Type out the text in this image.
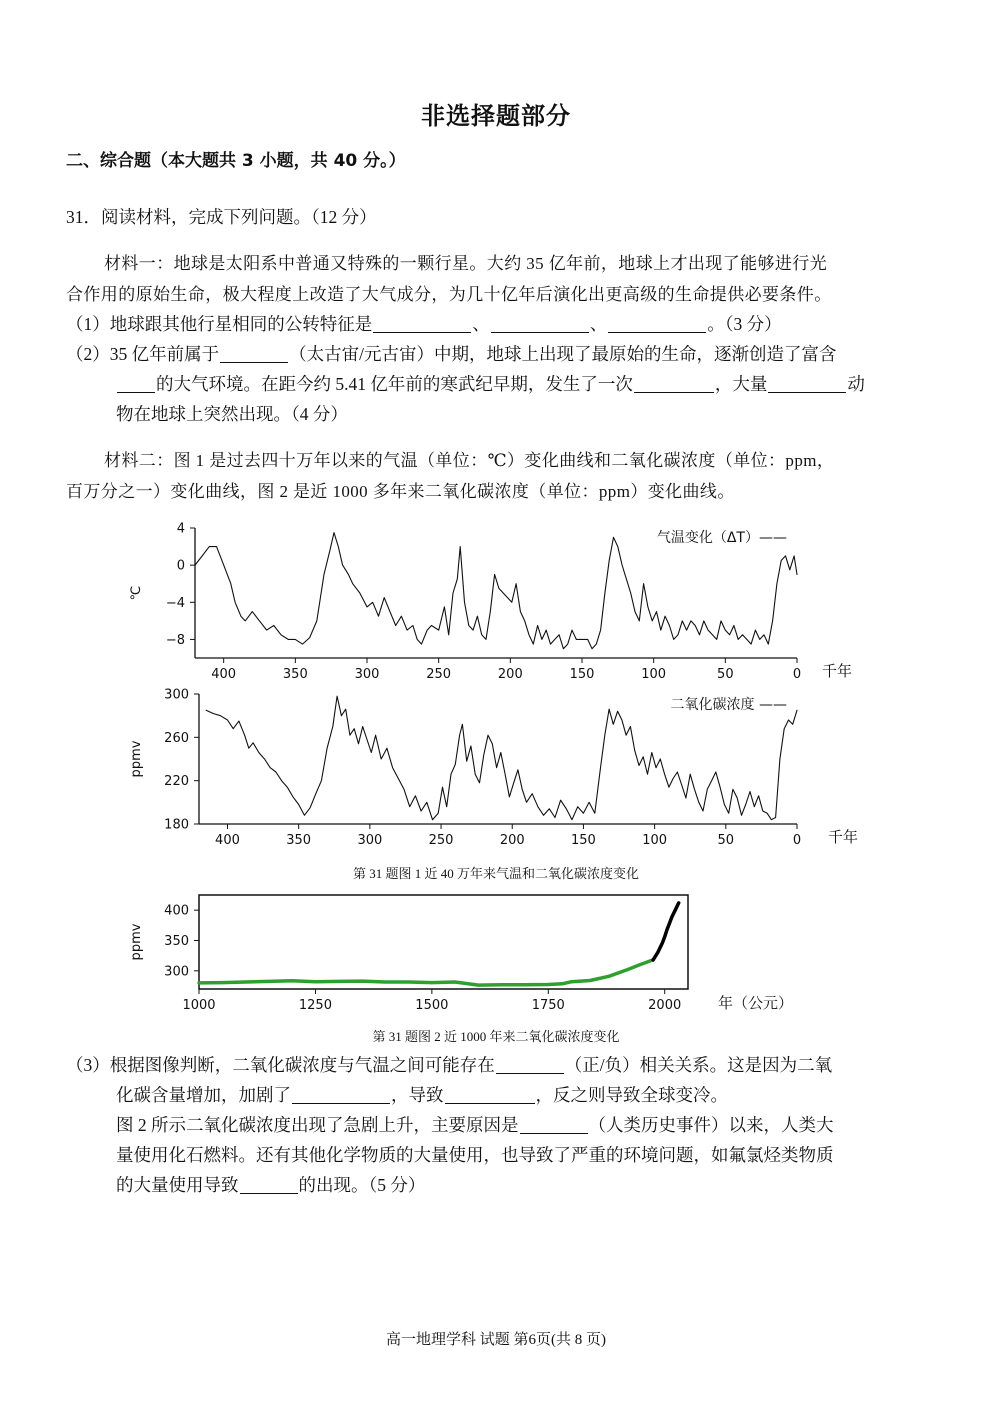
非选择题部分
二、综合题（本大题共 3 小题，共 40 分。）
31．阅读材料，完成下列问题。（12 分）
材料一：地球是太阳系中普通又特殊的一颗行星。大约 35 亿年前，地球上才出现了能够进行光
合作用的原始生命，极大程度上改造了大气成分，为几十亿年后演化出更高级的生命提供必要条件。
（1）地球跟其他行星相同的公转特征是	、	、	。（3 分）
（2）35 亿年前属于	（太古宙/元古宙）中期，地球上出现了最原始的生命，逐渐创造了富含
的大气环境。在距今约 5.41 亿年前的寒武纪早期，发生了一次	，大量	动
物在地球上突然出现。（4 分）
材料二：图 1 是过去四十万年以来的气温（单位：℃）变化曲线和二氧化碳浓度（单位：ppm，
百万分之一）变化曲线，图 2 是近 1000 多年来二氧化碳浓度（单位：ppm）变化曲线。
400	350	300	250	200	150	100	50	0
4
0
−4
−8
℃
千年
气温变化（ΔT）——
400	350	300	250	200	150	100	50	0
300
260
220
180
ppmv
千年
二氧化碳浓度 ——
1000	1250	1500	1750	2000
400
350
300
ppmv
年（公元）
第 31 题图 1 近 40 万年来气温和二氧化碳浓度变化
第 31 题图 2 近 1000 年来二氧化碳浓度变化
（3）根据图像判断，二氧化碳浓度与气温之间可能存在	（正/负）相关关系。这是因为二氧
化碳含量增加，加剧了	，导致	，反之则导致全球变冷。
图 2 所示二氧化碳浓度出现了急剧上升，主要原因是	（人类历史事件）以来，人类大
量使用化石燃料。还有其他化学物质的大量使用，也导致了严重的环境问题，如氟氯烃类物质
的大量使用导致	的出现。（5 分）
高一地理学科 试题 第6页(共 8 页)
